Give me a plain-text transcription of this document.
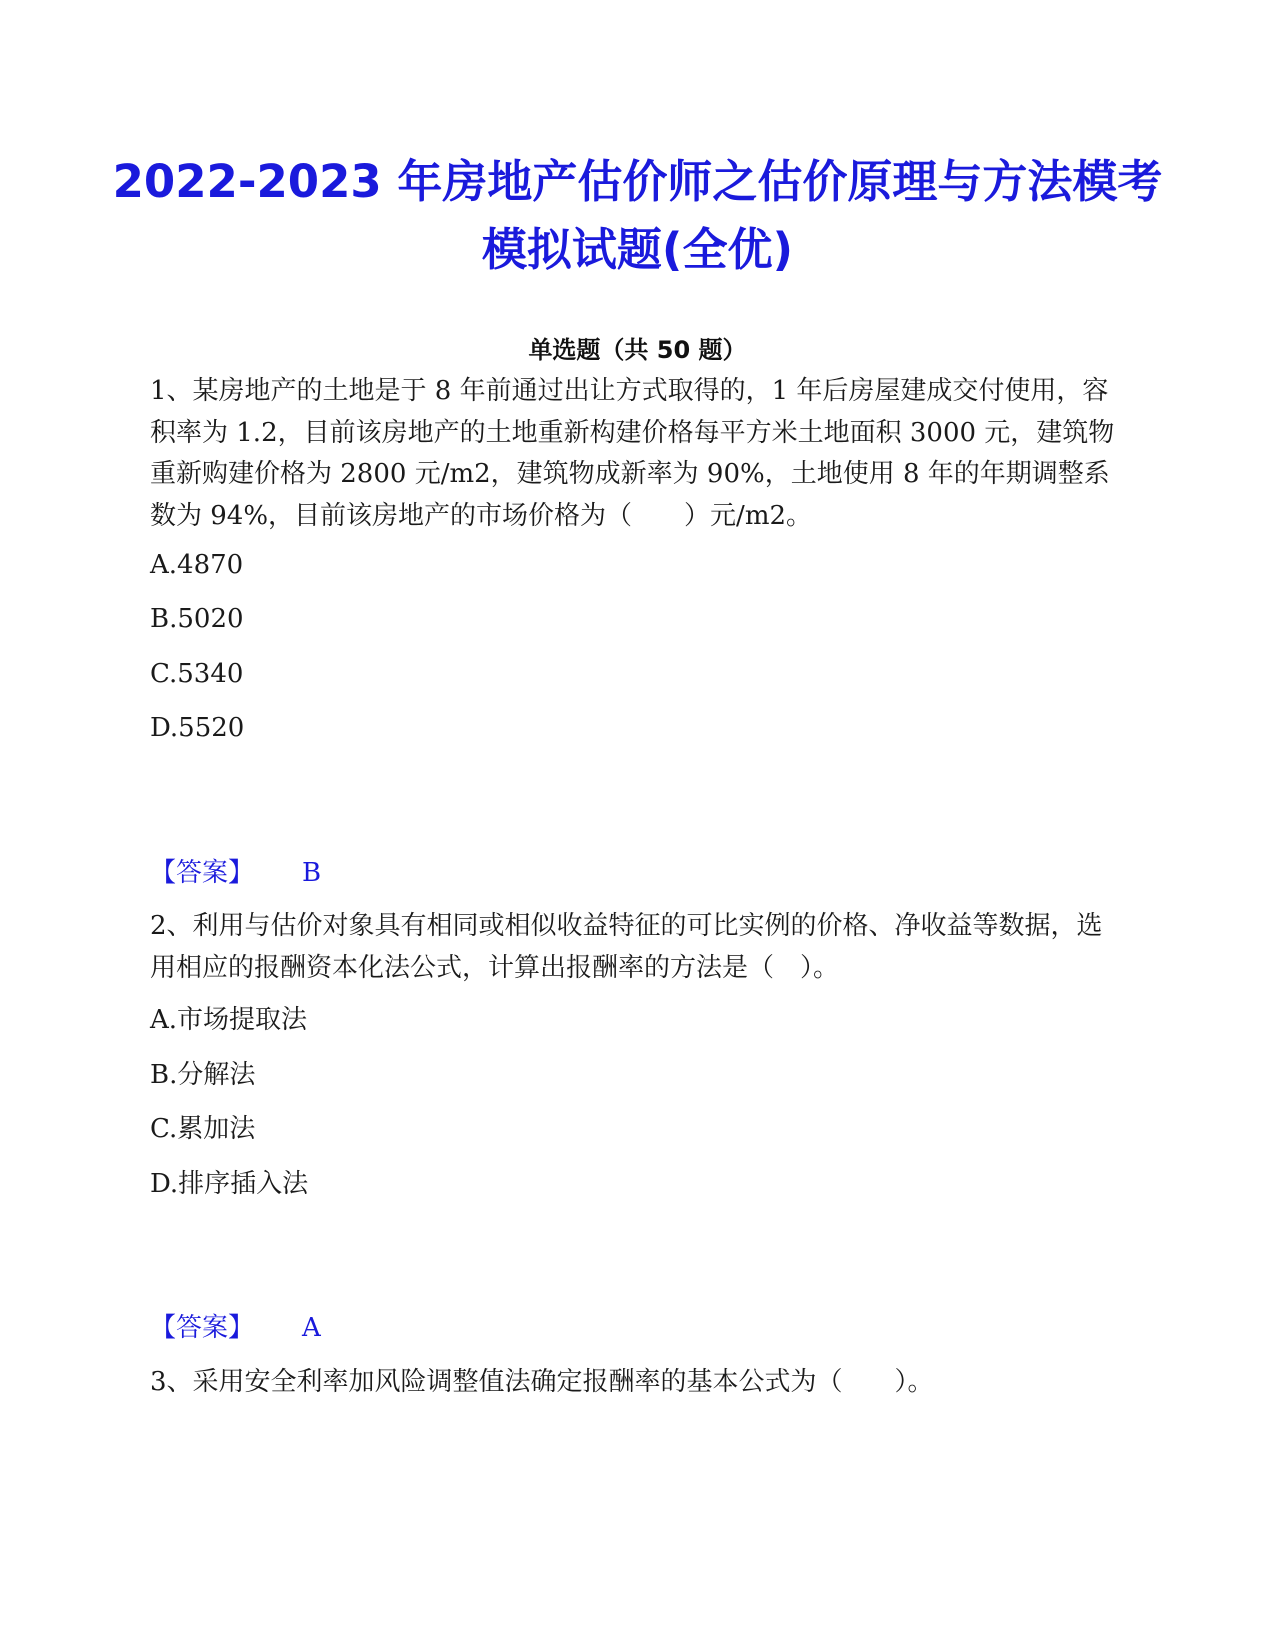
2022-2023 年房地产估价师之估价原理与方法模考模拟试题(全优)
单选题（共 50 题）

1、某房地产的土地是于 8 年前通过出让方式取得的，1 年后房屋建成交付使用，容积率为 1.2，目前该房地产的土地重新构建价格每平方米土地面积 3000 元，建筑物重新购建价格为 2800 元/m2，建筑物成新率为 90%，土地使用 8 年的年期调整系数为 94%，目前该房地产的市场价格为（　　）元/m2。

A.4870
B.5020
C.5340
D.5520
【答案】 B

2、利用与估价对象具有相同或相似收益特征的可比实例的价格、净收益等数据，选用相应的报酬资本化法公式，计算出报酬率的方法是（　）。

A.市场提取法
B.分解法
C.累加法
D.排序插入法
【答案】 A

3、采用安全利率加风险调整值法确定报酬率的基本公式为（　　）。
